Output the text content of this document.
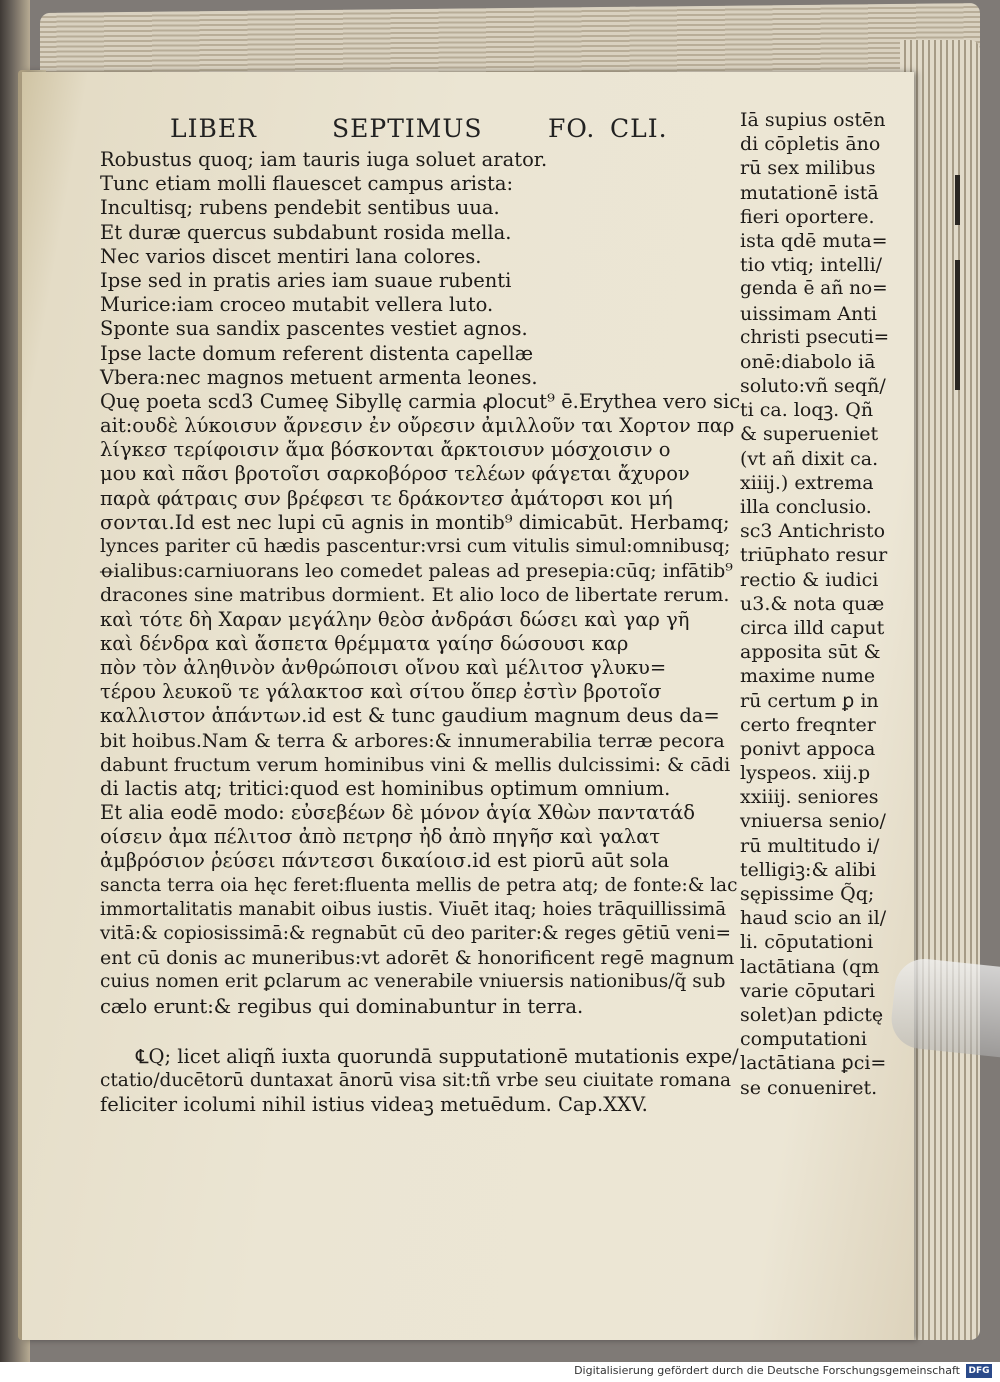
LIBER	SEPTIMUS	FO. CLI.
Robustus quoq; iam tauris iuga soluet arator.
Tunc etiam molli flauescet campus arista:
Incultisq; rubens pendebit sentibus uua.
Et duræ quercus subdabunt rosida mella.
Nec varios discet mentiri lana colores.
Ipse sed in pratis aries iam suaue rubenti
Murice:iam croceo mutabit vellera luto.
Sponte sua sandix pascentes vestiet agnos.
Ipse lacte domum referent distenta capellæ
Vbera:nec magnos metuent armenta leones.
Quę poeta scd3 Cumeę Sibyllę carmia ꝓlocut⁹ ē.Erythea vero sic
ait:ουδὲ λύκοισυν ἄρνεσιν ἐν οὔρεσιν ἀμιλλοῦν ται Χορτον παρ
λίγκεσ τερίφοισιν ἅμα βόσκονται ἄρκτοισυν μόσχοισιν ο
μου καὶ πᾶσι βροτοῖσι σαρκοβόροσ τελέων φάγεται ἄχυρον
παρὰ φάτραις συν βρέφεσι τε δράκοντεσ ἀμάτορσι κοι μή
σονται.Id est nec lupi cū agnis in montib⁹ dimicabūt. Herbamq;
lynces pariter cū hædis pascentur:vrsi cum vitulis simul:omnibusq;
ꝋialibus:carniuorans leo comedet paleas ad presepia:cūq; infātib⁹
dracones sine matribus dormient. Et alio loco de libertate rerum.
καὶ τότε δὴ Χαραν μεγάλην θεὸσ ἀνδράσι δώσει καὶ γαρ γῆ
καὶ δένδρα καὶ ἄσπετα θρέμματα γαίησ δώσουσι καρ
πὸν τὸν ἀληθινὸν ἀνθρώποισι οἴνου καὶ μέλιτοσ γλυκυ=
τέρου λευκοῦ τε γάλακτοσ καὶ σίτου ὅπερ ἐστὶν βροτοῖσ
καλλιστον ἁπάντων.id est & tunc gaudium magnum deus da=
bit hoibus.Nam & terra & arbores:& innumerabilia terræ pecora
dabunt fructum verum hominibus vini & mellis dulcissimi: & cādi
di lactis atq; tritici:quod est hominibus optimum omnium.
Et alia eodē modo: εὐσεβέων δὲ μόνον ἁγία Χθὼν παντατάδ
οίσειν ἀμα πέλιτοσ ἀπὸ πετρησ ἠδ ἀπὸ πηγῆσ καὶ γαλατ
ἀμβρόσιον ῥεύσει πάντεσσι δικαίοισ.id est piorū aūt sola
sancta terra oia hęc feret:fluenta mellis de petra atq; de fonte:& lac
immortalitatis manabit oibus iustis. Viuēt itaq; hoies trāquillissimā
vitā:& copiosissimā:& regnabūt cū deo pariter:& reges gētiū veni=
ent cū donis ac muneribus:vt adorēt & honorificent regē magnum
cuius nomen erit ꝑclarum ac venerabile vniuersis nationibus/q̃ sub
cælo erunt:& regibus qui dominabuntur in terra.
℄Q; licet aliqñ iuxta quorundā supputationē mutationis expe/
ctatio/ducētorū duntaxat ānorū visa sit:tñ vrbe seu ciuitate romana
feliciter icolumi nihil istius videaꝫ metuēdum. Cap.XXV.
Iā supius ostēn
di cōpletis āno
rū sex milibus
mutationē istā
fieri oportere.
ista qdē muta=
tio vtiq; intelli/
genda ē añ no=
uissimam Anti
christi psecuti=
onē:diabolo iā
soluto:vñ seqñ/
ti ca. loqꝫ. Qñ
& superueniet
(vt añ dixit ca.
xiiij.) extrema
illa conclusio.
sc3 Antichristo
triūphato resur
rectio & iudici
u3.& nota quæ
circa illd caput
apposita sūt &
maxime nume
rū certum ꝑ in
certo freqnter
ponivt appoca
lyspeos. xiij.p
xxiiij. seniores
vniuersa senio/
rū multitudo i/
telligiꝫ:& alibi
sępissime Q̃q;
haud scio an il/
li. cōputationi
lactātiana (qm
varie cōputari
solet)an pdictę
computationi
lactātiana ꝑci=
se conueniret.
Digitalisierung gefördert durch die Deutsche Forschungsgemeinschaft DFG
